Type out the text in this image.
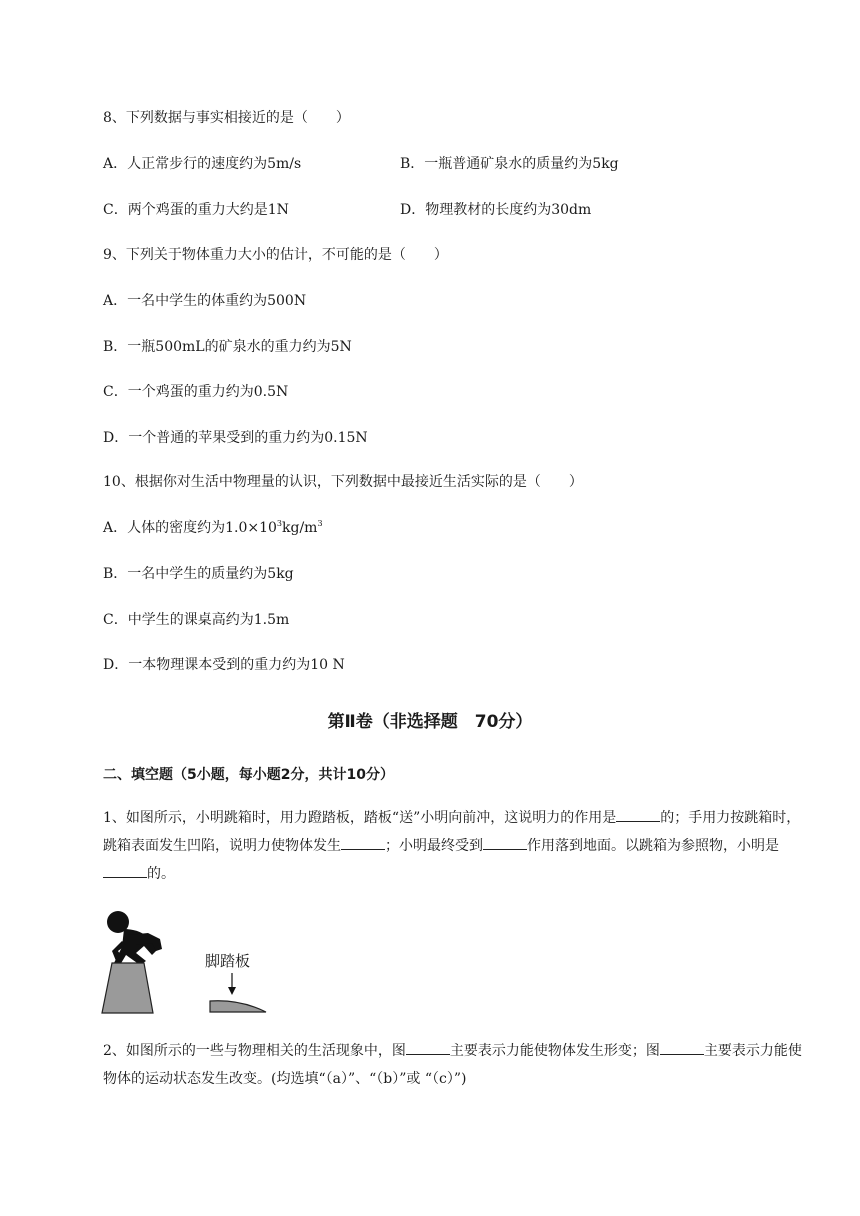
8、下列数据与事实相接近的是（　　）
A．人正常步行的速度约为5m/s	B．一瓶普通矿泉水的质量约为5kg
C．两个鸡蛋的重力大约是1N	D．物理教材的长度约为30dm
9、下列关于物体重力大小的估计，不可能的是（　　）
A．一名中学生的体重约为500N
B．一瓶500mL的矿泉水的重力约为5N
C．一个鸡蛋的重力约为0.5N
D．一个普通的苹果受到的重力约为0.15N
10、根据你对生活中物理量的认识，下列数据中最接近生活实际的是（　　）
A．人体的密度约为$1.0\times 10^3kg/m^3$
B．一名中学生的质量约为5kg
C．中学生的课桌高约为1.5m
D．一本物理课本受到的重力约为10 N
第Ⅱ卷（非选择题　70分）
二、填空题（5小题，每小题2分，共计10分）
1、如图所示，小明跳箱时，用力蹬踏板，踏板“送”小明向前冲，这说明力的作用是	的；手用力按跳箱时，跳箱表面发生凹陷，说明力使物体发生	；小明最终受到	作用落到地面。以跳箱为参照物，小明是的。
脚踏板
2、如图所示的一些与物理相关的生活现象中，图	主要表示力能使物体发生形变；图	主要表示力能使物体的运动状态发生改变。(均选填“（a）”、“（b）”或 “（c）”)
